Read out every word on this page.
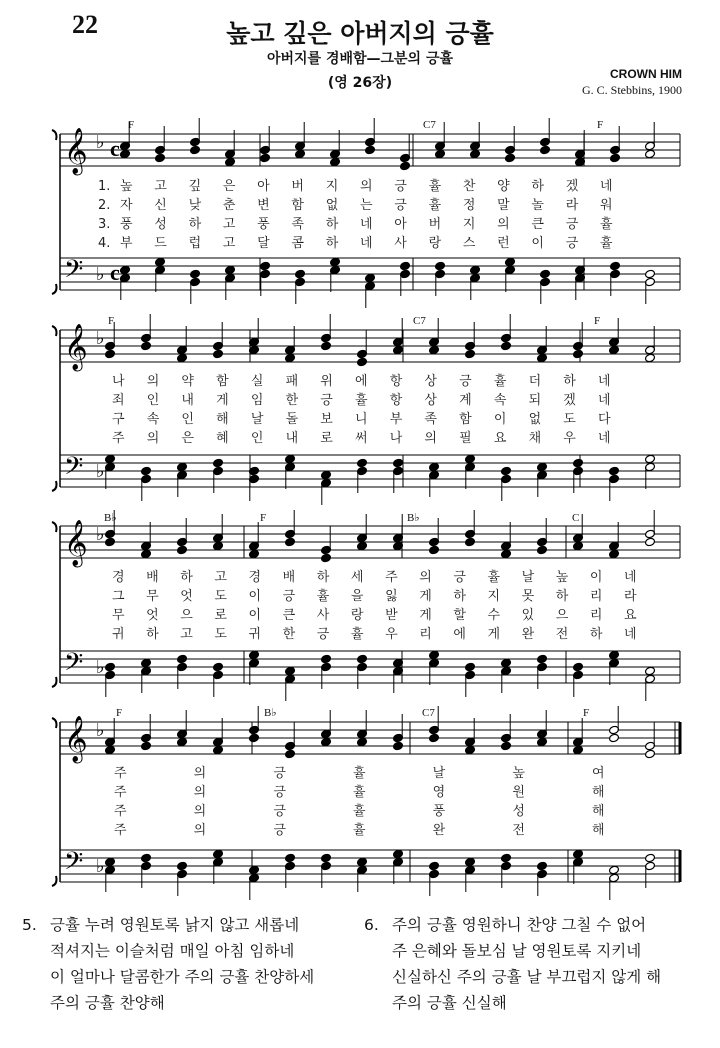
22	높고 깊은 아버지의 긍휼
아버지를 경배함—그분의 긍휼
(영 26장)
CROWN HIM
G. C. Stebbins, 1900
𝄞 ♭ c
𝄢 ♭ c
F	C7	F
1. 높 고 깊 은 아 버 지 의 긍 휼 찬 양 하 겠 네
2. 자 신 낮 춘 변 함 없 는 긍 휼 정 말 놀 라 워
3. 풍 성 하 고 풍 족 하 네 아 버 지 의 큰 긍 휼
4. 부 드 럽 고 달 콤 하 네 사 랑 스 런 이 긍 휼
𝄞 ♭
𝄢 ♭
F	C7	F
나 의 약 함 실 패 위 에 항 상 긍 휼 더 하 네
죄 인 내 게 임 한 긍 휼 항 상 계 속 되 겠 네
구 속 인 해 날 돌 보 니 부 족 함 이 없 도 다
주 의 은 혜 인 내 로 써 나 의 필 요 채 우 네
𝄞 ♭
𝄢 ♭
B♭	F	B♭	C
경 배 하 고 경 배 하 세 주 의 긍 휼 날 높 이 네
그 무 엇 도 이 긍 휼 을 잃 게 하 지 못 하 리 라
무 엇 으 로 이 큰 사 랑 받 게 할 수 있 으 리 요
귀 하 고 도 귀 한 긍 휼 우 리 에 게 완 전 하 네
𝄞 ♭
𝄢 ♭
F	B♭	C7	F
주	의	긍	휼	날	높	여
주	의	긍	휼	영	원	해
주	의	긍	휼	풍	성	해
주	의	긍	휼	완	전	해
5. 긍휼 누려 영원토록 낡지 않고 새롭네
적셔지는 이슬처럼 매일 아침 임하네
이 얼마나 달콤한가 주의 긍휼 찬양하세
주의 긍휼 찬양해
6. 주의 긍휼 영원하니 찬양 그칠 수 없어
주 은혜와 돌보심 날 영원토록 지키네
신실하신 주의 긍휼 날 부끄럽지 않게 해
주의 긍휼 신실해
